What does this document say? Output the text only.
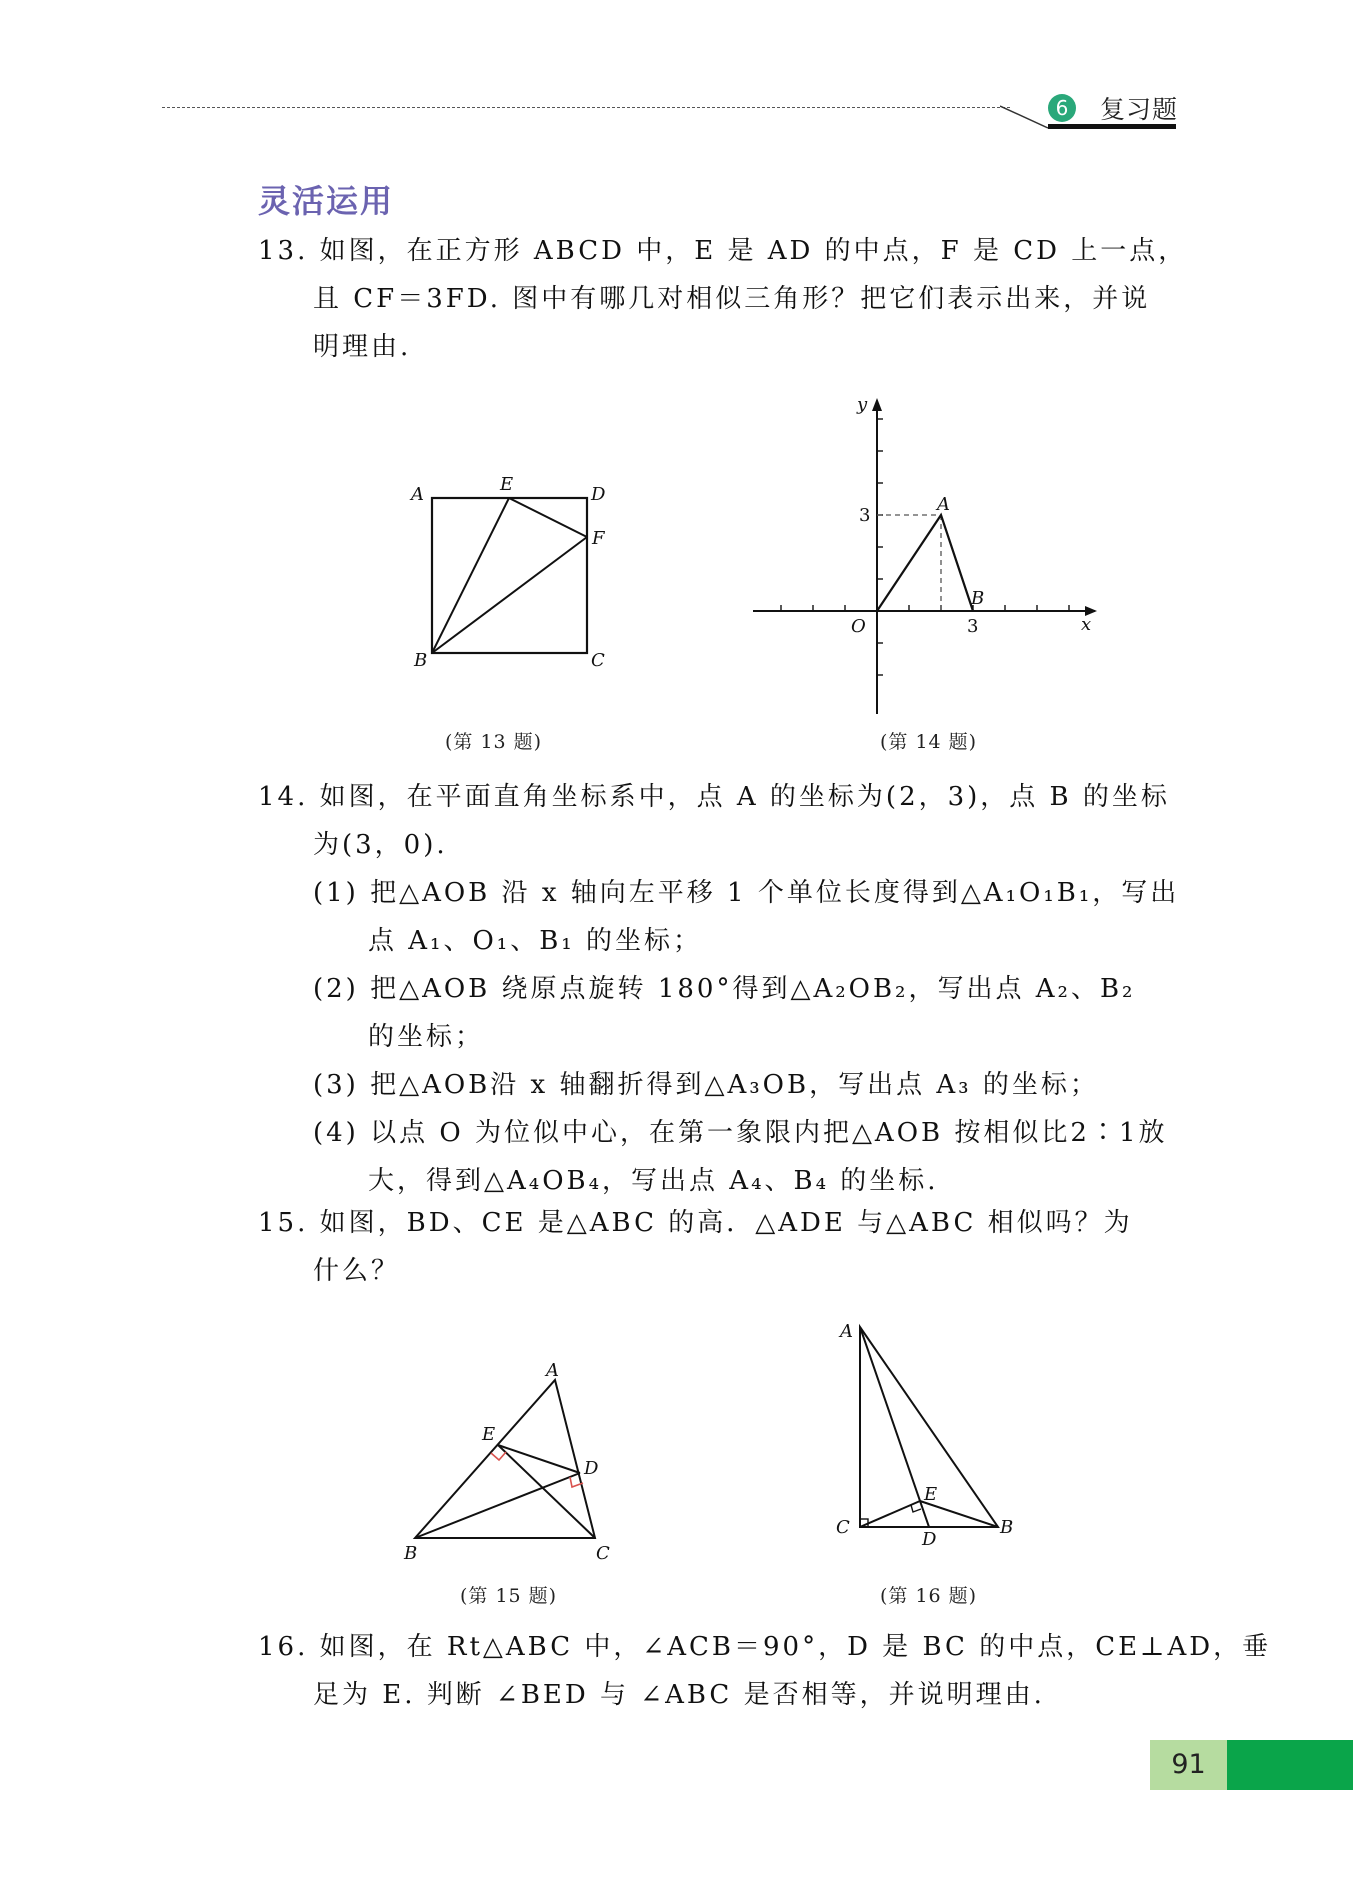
6	复习题
灵活运用
13. 如图，在正方形 ABCD 中，E 是 AD 的中点，F 是 CD 上一点，
且 CF＝3FD. 图中有哪几对相似三角形？把它们表示出来，并说
明理由.
A	E	D
F
B	C
(第 13 题)
y
x
O
A
B
3
3
(第 14 题)
14. 如图，在平面直角坐标系中，点 A 的坐标为(2，3)，点 B 的坐标
为(3，0).
(1) 把△AOB 沿 x 轴向左平移 1 个单位长度得到△A₁O₁B₁，写出
点 A₁、O₁、B₁ 的坐标；
(2) 把△AOB 绕原点旋转 180°得到△A₂OB₂，写出点 A₂、B₂
的坐标；
(3) 把△AOB沿 x 轴翻折得到△A₃OB，写出点 A₃ 的坐标；
(4) 以点 O 为位似中心，在第一象限内把△AOB 按相似比2∶1放
大，得到△A₄OB₄，写出点 A₄、B₄ 的坐标.
15. 如图，BD、CE 是△ABC 的高．△ADE 与△ABC 相似吗？为
什么？
A
E
D
B	C
(第 15 题)
A
E
C
D
B
(第 16 题)
16. 如图，在 Rt△ABC 中，∠ACB＝90°，D 是 BC 的中点，CE⊥AD，垂
足为 E. 判断 ∠BED 与 ∠ABC 是否相等，并说明理由.
91
